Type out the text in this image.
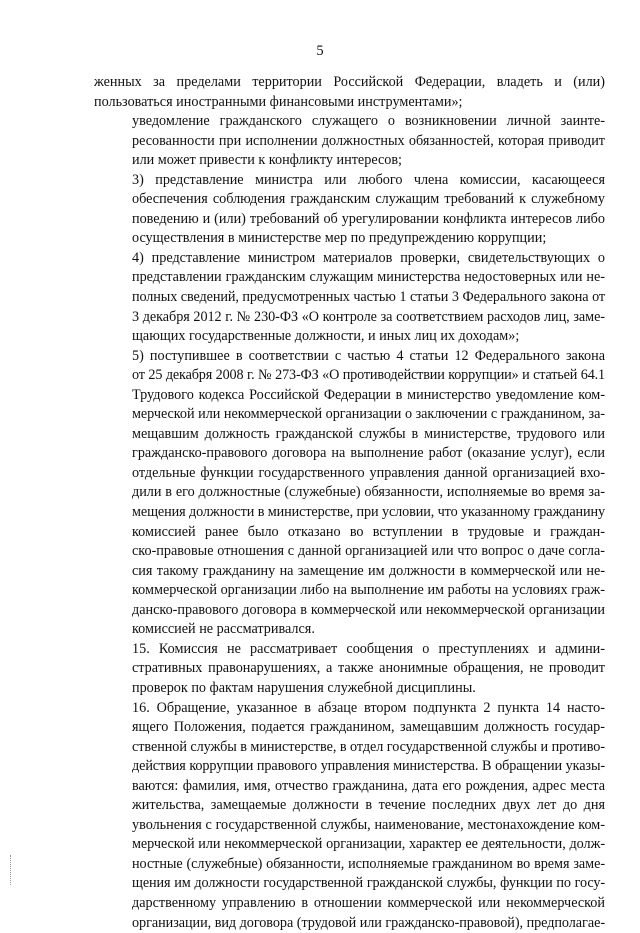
5

женных за пределами территории Российской Федерации, владеть и (или)
пользоваться иностранными финансовыми инструментами»;

уведомление гражданского служащего о возникновении личной заинте-
ресованности при исполнении должностных обязанностей, которая приводит
или может привести к конфликту интересов;

3) представление министра или любого члена комиссии, касающееся
обеспечения соблюдения гражданским служащим требований к служебному
поведению и (или) требований об урегулировании конфликта интересов либо
осуществления в министерстве мер по предупреждению коррупции;

4) представление министром материалов проверки, свидетельствующих о
представлении гражданским служащим министерства недостоверных или не-
полных сведений, предусмотренных частью 1 статьи 3 Федерального закона от
3 декабря 2012 г. № 230-ФЗ «О контроле за соответствием расходов лиц, заме-
щающих государственные должности, и иных лиц их доходам»;

5) поступившее в соответствии с частью 4 статьи 12 Федерального закона
от 25 декабря 2008 г. № 273-ФЗ «О противодействии коррупции» и статьей 64.1
Трудового кодекса Российской Федерации в министерство уведомление ком-
мерческой или некоммерческой организации о заключении с гражданином, за-
мещавшим должность гражданской службы в министерстве, трудового или
гражданско-правового договора на выполнение работ (оказание услуг), если
отдельные функции государственного управления данной организацией вхо-
дили в его должностные (служебные) обязанности, исполняемые во время за-
мещения должности в министерстве, при условии, что указанному гражданину
комиссией ранее было отказано во вступлении в трудовые и граждан-
ско-правовые отношения с данной организацией или что вопрос о даче согла-
сия такому гражданину на замещение им должности в коммерческой или не-
коммерческой организации либо на выполнение им работы на условиях граж-
данско-правового договора в коммерческой или некоммерческой организации
комиссией не рассматривался.

15. Комиссия не рассматривает сообщения о преступлениях и админи-
стративных правонарушениях, а также анонимные обращения, не проводит
проверок по фактам нарушения служебной дисциплины.

16. Обращение, указанное в абзаце втором подпункта 2 пункта 14 насто-
ящего Положения, подается гражданином, замещавшим должность государ-
ственной службы в министерстве, в отдел государственной службы и противо-
действия коррупции правового управления министерства. В обращении указы-
ваются: фамилия, имя, отчество гражданина, дата его рождения, адрес места
жительства, замещаемые должности в течение последних двух лет до дня
увольнения с государственной службы, наименование, местонахождение ком-
мерческой или некоммерческой организации, характер ее деятельности, долж-
ностные (служебные) обязанности, исполняемые гражданином во время заме-
щения им должности государственной гражданской службы, функции по госу-
дарственному управлению в отношении коммерческой или некоммерческой
организации, вид договора (трудовой или гражданско-правовой), предполагае-
